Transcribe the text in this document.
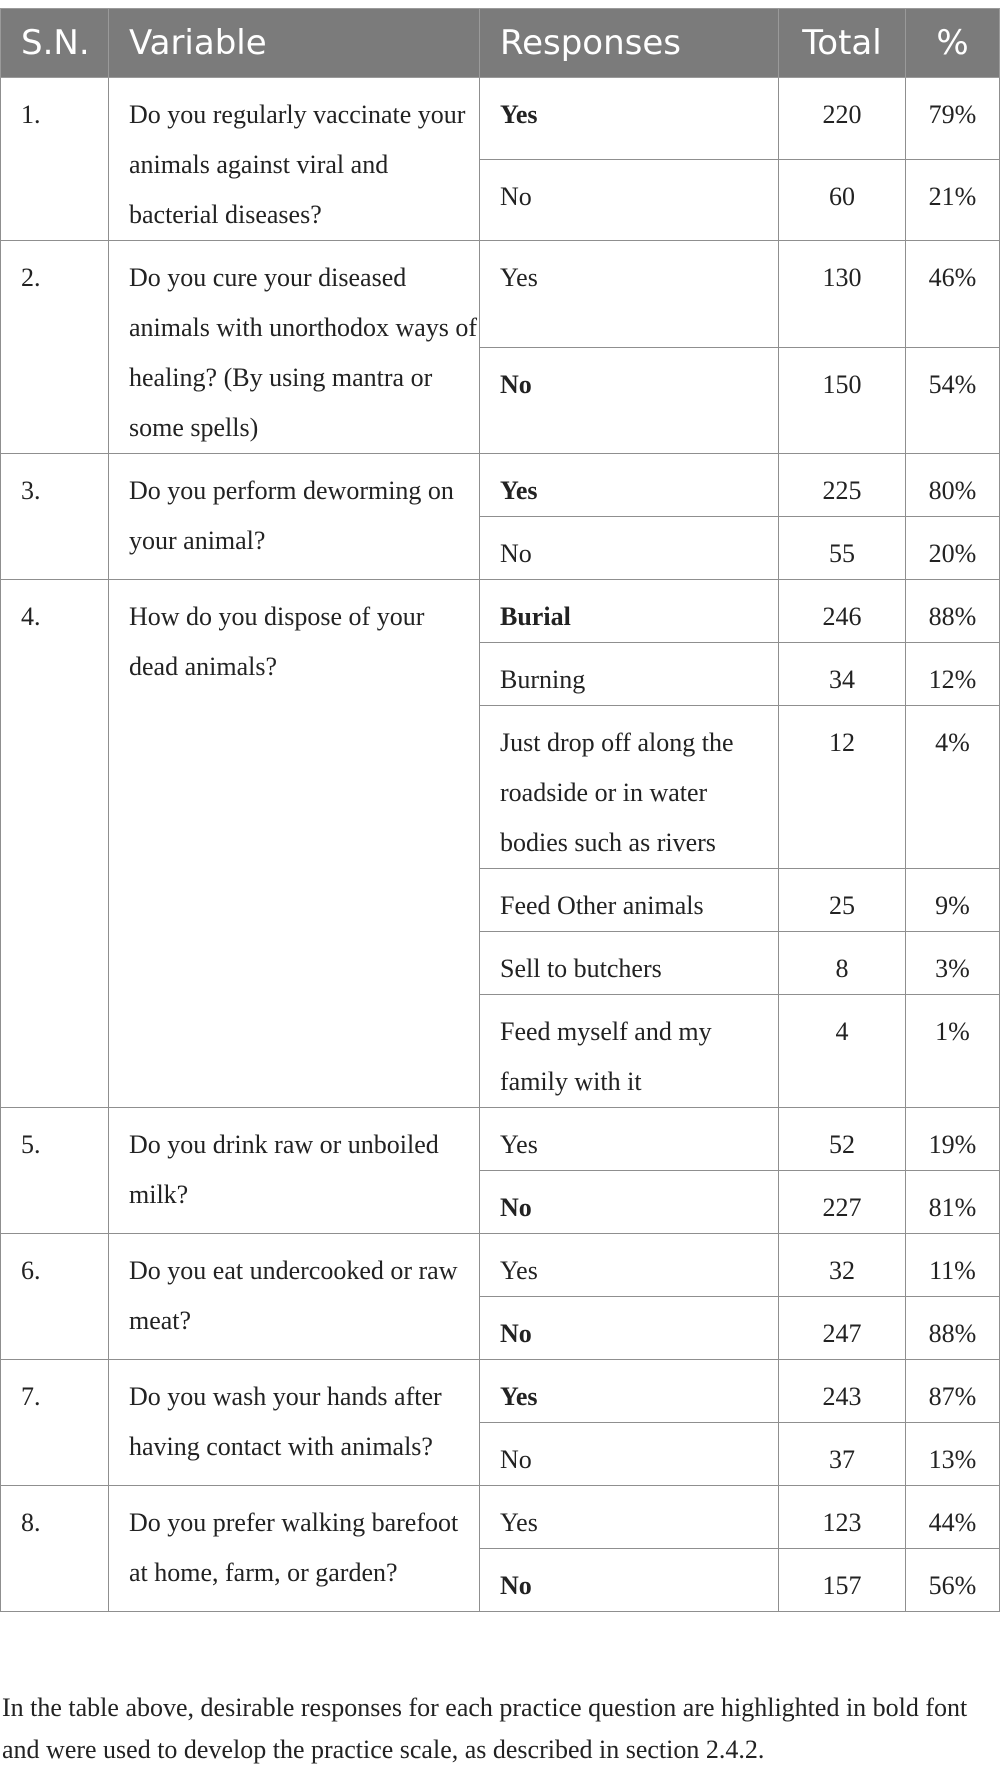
S.N.	Variable	Responses	Total	%
1.	Do you regularly vaccinate your animals against viral and bacterial diseases?	Yes	220	79%
		No	60	21%
2.	Do you cure your diseased animals with unorthodox ways of healing? (By using mantra or some spells)	Yes	130	46%
		No	150	54%
3.	Do you perform deworming on your animal?	Yes	225	80%
		No	55	20%
4.	How do you dispose of your dead animals?	Burial	246	88%
		Burning	34	12%
		Just drop off along the roadside or in water bodies such as rivers	12	4%
		Feed Other animals	25	9%
		Sell to butchers	8	3%
		Feed myself and my family with it	4	1%
5.	Do you drink raw or unboiled milk?	Yes	52	19%
		No	227	81%
6.	Do you eat undercooked or raw meat?	Yes	32	11%
		No	247	88%
7.	Do you wash your hands after having contact with animals?	Yes	243	87%
		No	37	13%
8.	Do you prefer walking barefoot at home, farm, or garden?	Yes	123	44%
		No	157	56%

In the table above, desirable responses for each practice question are highlighted in bold font and were used to develop the practice scale, as described in section 2.4.2.
